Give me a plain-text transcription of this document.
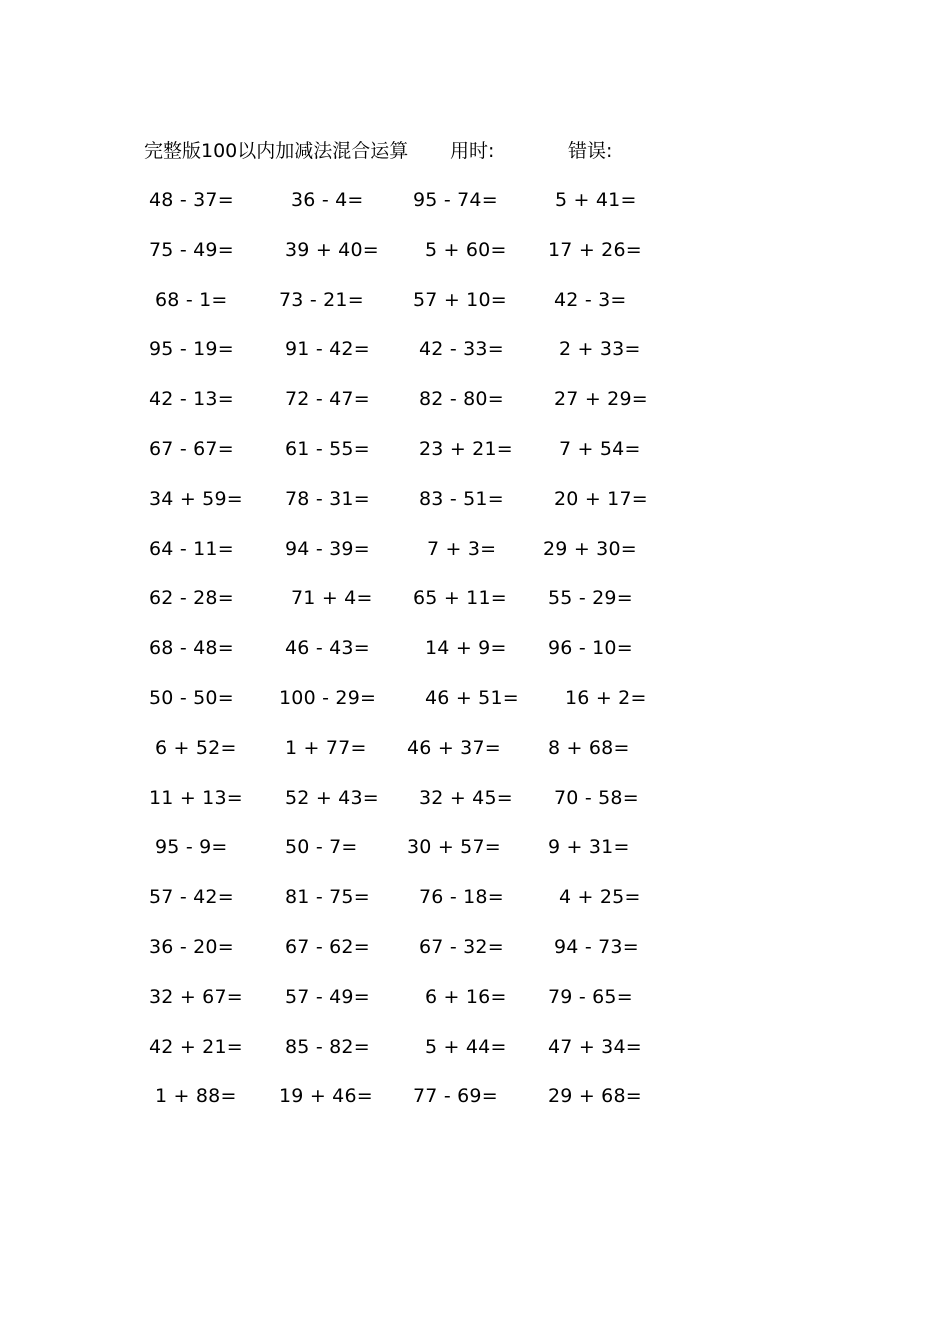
完整版100以内加减法混合运算 用时:	错误:
48 - 37=	36 - 4=	95 - 74=	5 + 41=
75 - 49=	39 + 40= 5 + 60= 17 + 26=
68 - 1=	73 - 21=	57 + 10= 42 - 3=
95 - 19=	91 - 42=	42 - 33=	2 + 33=
42 - 13=	72 - 47=	82 - 80=	27 + 29=
67 - 67=	61 - 55=	23 + 21= 7 + 54=
34 + 59= 78 - 31=	83 - 51=	20 + 17=
64 - 11=	94 - 39=	7 + 3= 29 + 30=
62 - 28=	71 + 4= 65 + 11= 55 - 29=
68 - 48=	46 - 43=	14 + 9= 96 - 10=
50 - 50= 100 - 29=	46 + 51= 16 + 2=
6 + 52=	1 + 77= 46 + 37= 8 + 68=
11 + 13= 52 + 43= 32 + 45= 70 - 58=
95 - 9=	50 - 7=	30 + 57= 9 + 31=
57 - 42=	81 - 75=	76 - 18=	4 + 25=
36 - 20=	67 - 62=	67 - 32=	94 - 73=
32 + 67= 57 - 49=	6 + 16= 79 - 65=
42 + 21= 85 - 82=	5 + 44= 47 + 34=
1 + 88= 19 + 46= 77 - 69=	29 + 68=
